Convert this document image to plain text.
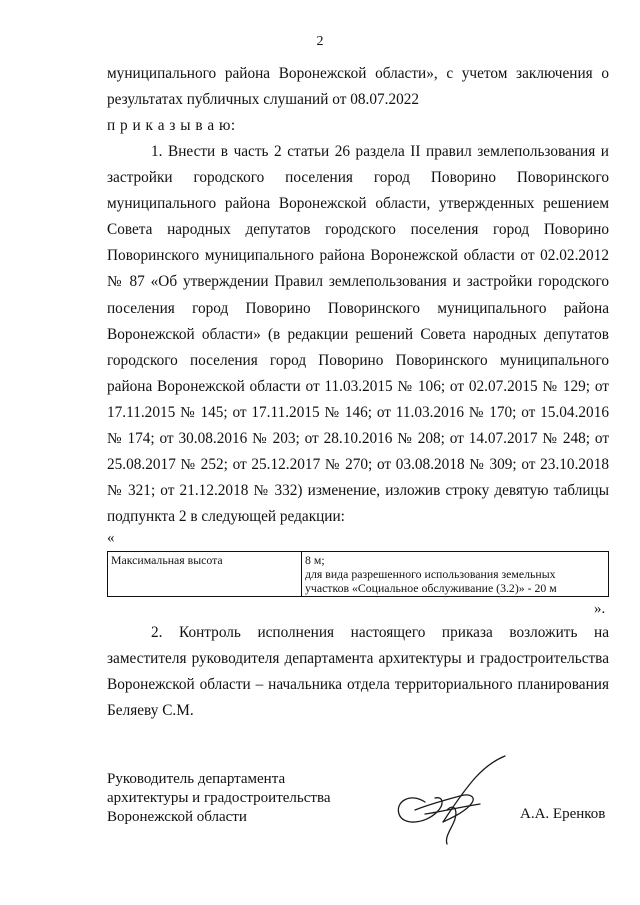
2
муниципального района Воронежской области», с учетом заключения о
результатах публичных слушаний от 08.07.2022
п р и к а з ы в а ю:
1. Внести в часть 2 статьи 26 раздела II правил землепользования и
застройки городского поселения город Поворино Поворинского
муниципального района Воронежской области, утвержденных решением
Совета народных депутатов городского поселения город Поворино
Поворинского муниципального района Воронежской области от 02.02.2012
№ 87 «Об утверждении Правил землепользования и застройки городского
поселения город Поворино Поворинского муниципального района
Воронежской области» (в редакции решений Совета народных депутатов
городского поселения город Поворино Поворинского муниципального
района Воронежской области от 11.03.2015 № 106; от 02.07.2015 № 129; от
17.11.2015 № 145; от 17.11.2015 № 146; от 11.03.2016 № 170; от 15.04.2016
№ 174; от 30.08.2016 № 203; от 28.10.2016 № 208; от 14.07.2017 № 248; от
25.08.2017 № 252; от 25.12.2017 № 270; от 03.08.2018 № 309; от 23.10.2018
№ 321; от 21.12.2018 № 332) изменение, изложив строку девятую таблицы
подпункта 2 в следующей редакции:
«
Максимальная высота	8 м;
для вида разрешенного использования земельных
участков «Социальное обслуживание (3.2)» - 20 м
».
2. Контроль исполнения настоящего приказа возложить на
заместителя руководителя департамента архитектуры и градостроительства
Воронежской области – начальника отдела территориального планирования
Беляеву С.М.
Руководитель департамента
архитектуры и градостроительства
Воронежской области	А.А. Еренков
